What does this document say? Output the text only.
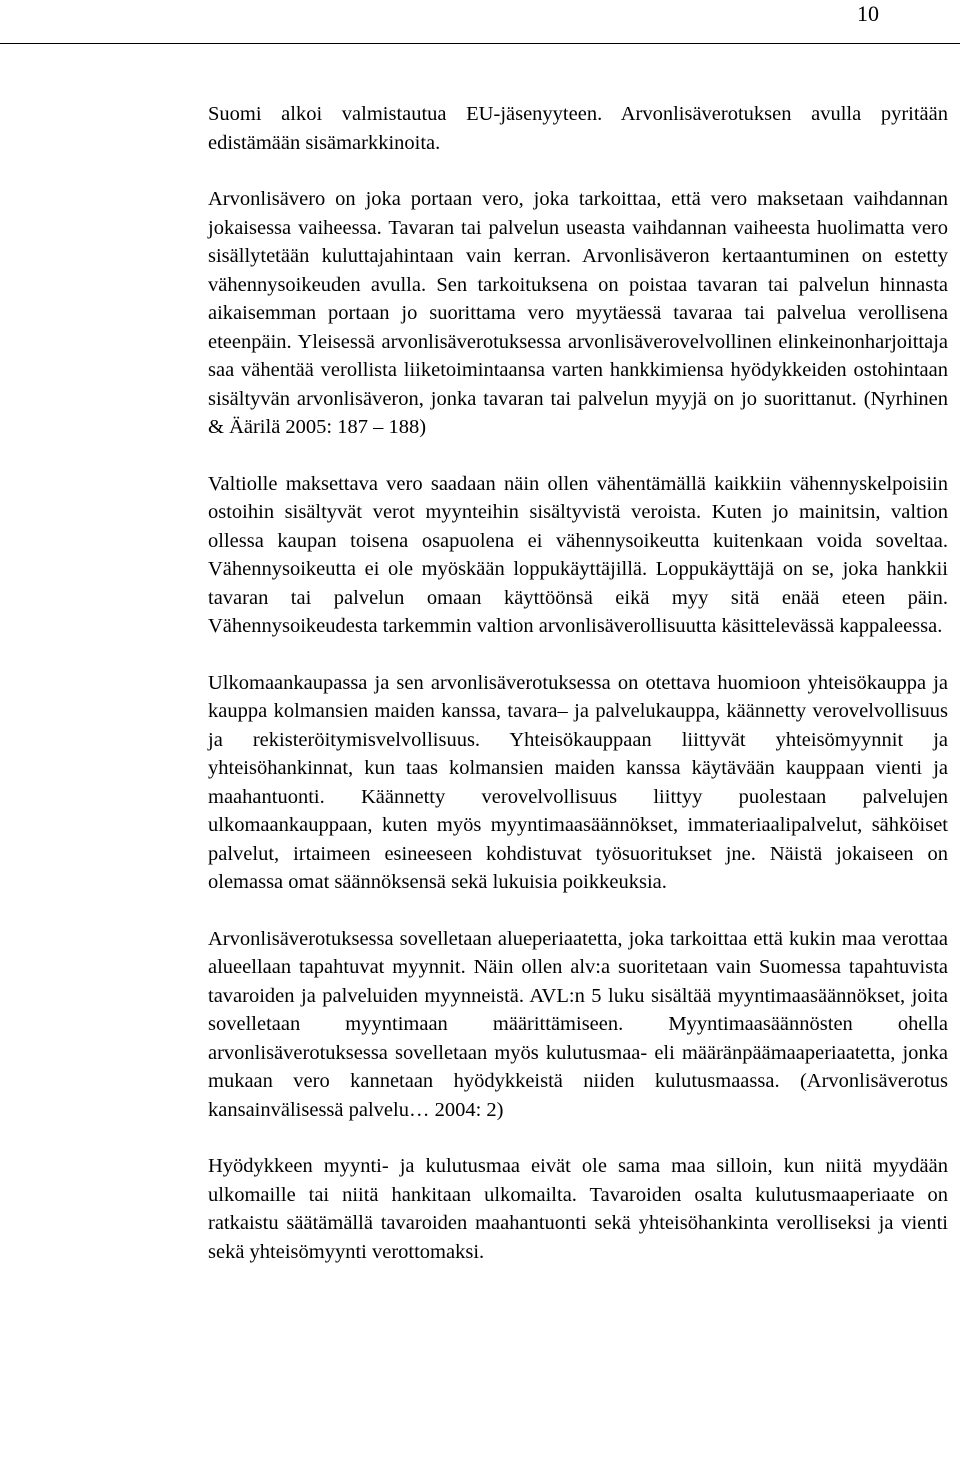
10

Suomi alkoi valmistautua EU-jäsenyyteen. Arvonlisäverotuksen avulla pyritään edistämään sisämarkkinoita.

Arvonlisävero on joka portaan vero, joka tarkoittaa, että vero maksetaan vaihdannan jokaisessa vaiheessa. Tavaran tai palvelun useasta vaihdannan vaiheesta huolimatta vero sisällytetään kuluttajahintaan vain kerran. Arvonlisäveron kertaantuminen on estetty vähennysoikeuden avulla. Sen tarkoituksena on poistaa tavaran tai palvelun hinnasta aikaisemman portaan jo suorittama vero myytäessä tavaraa tai palvelua verollisena eteenpäin. Yleisessä arvonlisäverotuksessa arvonlisäverovelvollinen elinkeinonharjoittaja saa vähentää verollista liiketoimintaansa varten hankkimiensa hyödykkeiden ostohintaan sisältyvän arvonlisäveron, jonka tavaran tai palvelun myyjä on jo suorittanut. (Nyrhinen & Äärilä 2005: 187 – 188)

Valtiolle maksettava vero saadaan näin ollen vähentämällä kaikkiin vähennyskelpoisiin ostoihin sisältyvät verot myynteihin sisältyvistä veroista. Kuten jo mainitsin, valtion ollessa kaupan toisena osapuolena ei vähennysoikeutta kuitenkaan voida soveltaa. Vähennysoikeutta ei ole myöskään loppukäyttäjillä. Loppukäyttäjä on se, joka hankkii tavaran tai palvelun omaan käyttöönsä eikä myy sitä enää eteen päin. Vähennysoikeudesta tarkemmin valtion arvonlisäverollisuutta käsittelevässä kappaleessa.

Ulkomaankaupassa ja sen arvonlisäverotuksessa on otettava huomioon yhteisökauppa ja kauppa kolmansien maiden kanssa, tavara– ja palvelukauppa, käännetty verovelvollisuus ja rekisteröitymisvelvollisuus. Yhteisökauppaan liittyvät yhteisömyynnit ja yhteisöhankinnat, kun taas kolmansien maiden kanssa käytävään kauppaan vienti ja maahantuonti. Käännetty verovelvollisuus liittyy puolestaan palvelujen ulkomaankauppaan, kuten myös myyntimaasäännökset, immateriaalipalvelut, sähköiset palvelut, irtaimeen esineeseen kohdistuvat työsuoritukset jne. Näistä jokaiseen on olemassa omat säännöksensä sekä lukuisia poikkeuksia.

Arvonlisäverotuksessa sovelletaan alueperiaatetta, joka tarkoittaa että kukin maa verottaa alueellaan tapahtuvat myynnit. Näin ollen alv:a suoritetaan vain Suomessa tapahtuvista tavaroiden ja palveluiden myynneistä. AVL:n 5 luku sisältää myyntimaasäännökset, joita sovelletaan myyntimaan määrittämiseen. Myyntimaasäännösten ohella arvonlisäverotuksessa sovelletaan myös kulutusmaa- eli määränpäämaaperiaatetta, jonka mukaan vero kannetaan hyödykkeistä niiden kulutusmaassa. (Arvonlisäverotus kansainvälisessä palvelu… 2004: 2)

Hyödykkeen myynti- ja kulutusmaa eivät ole sama maa silloin, kun niitä myydään ulkomaille tai niitä hankitaan ulkomailta. Tavaroiden osalta kulutusmaaperiaate on ratkaistu säätämällä tavaroiden maahantuonti sekä yhteisöhankinta verolliseksi ja vienti sekä yhteisömyynti verottomaksi.
